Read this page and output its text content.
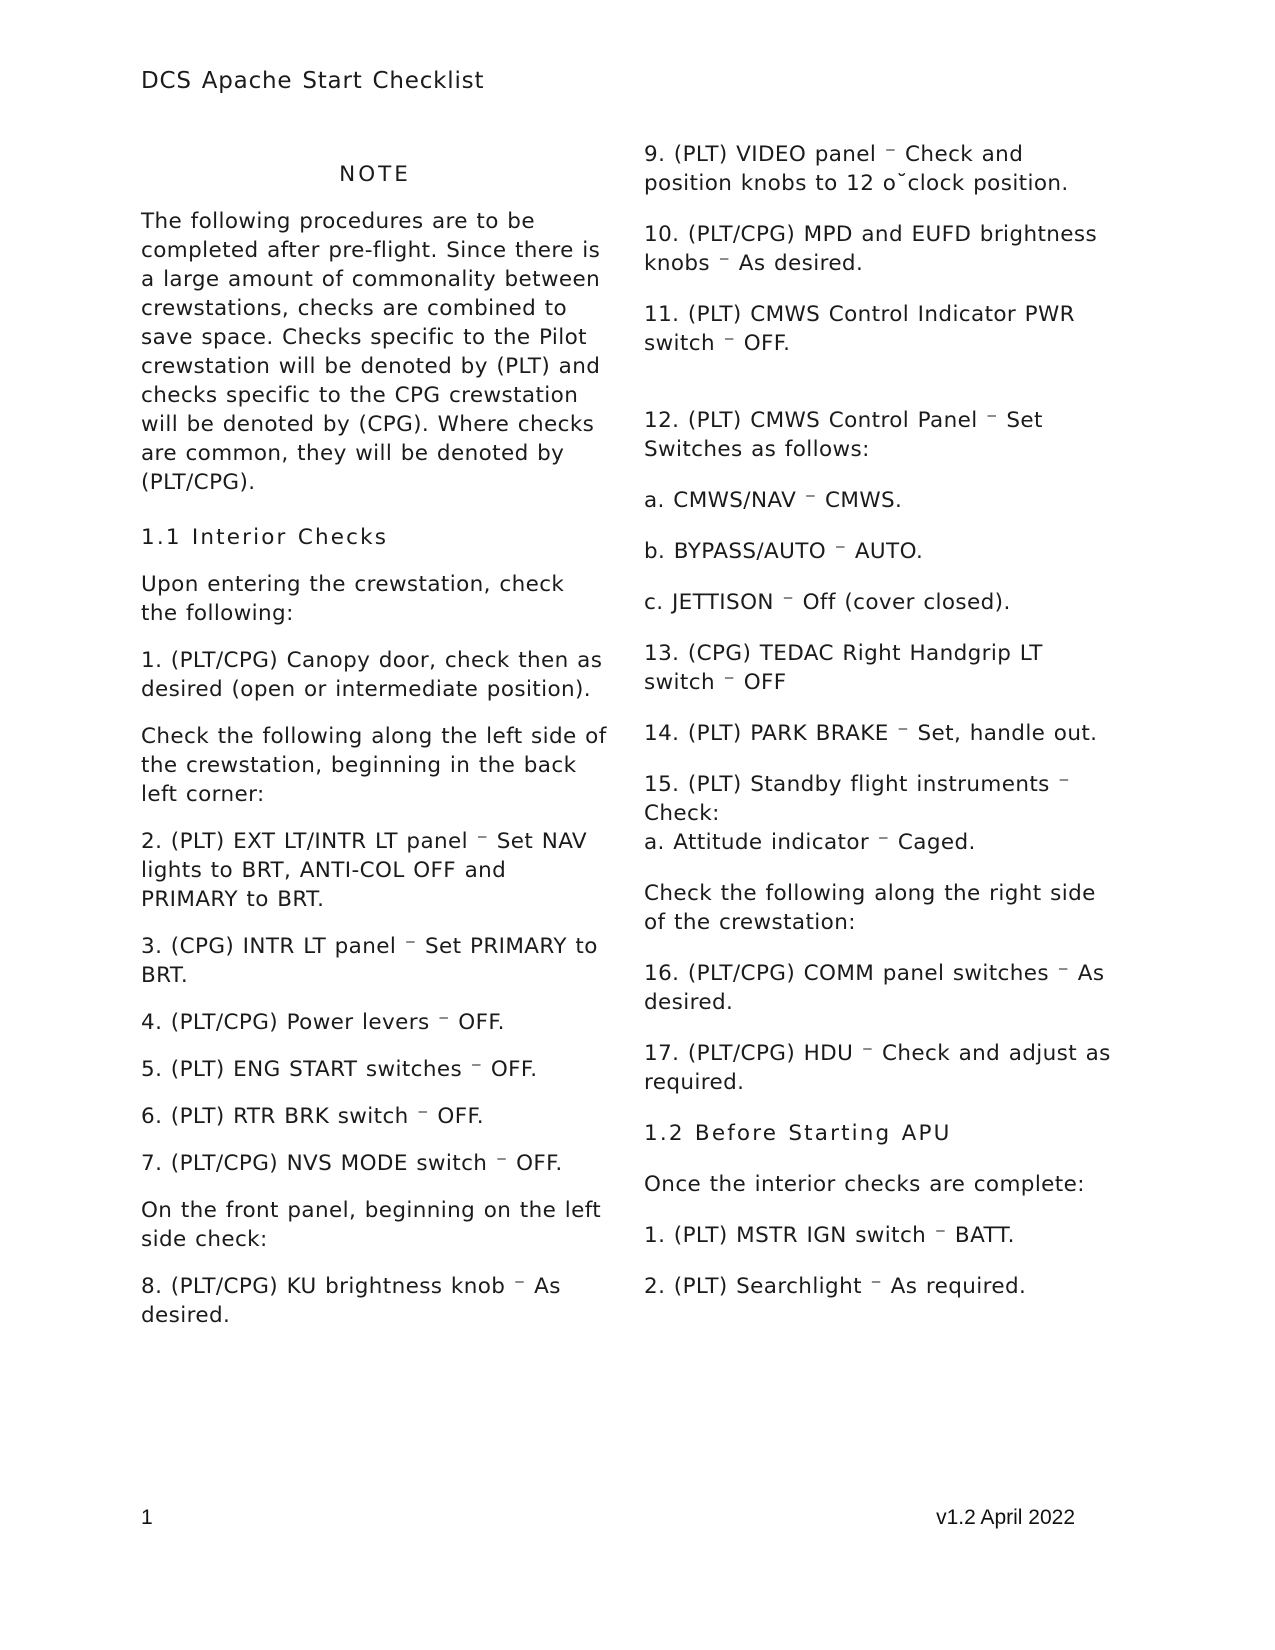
DCS Apache Start Checklist

NOTE

The following procedures are to be completed after pre-flight. Since there is a large amount of commonality between crewstations, checks are combined to save space. Checks specific to the Pilot crewstation will be denoted by (PLT) and checks specific to the CPG crewstation will be denoted by (CPG). Where checks are common, they will be denoted by (PLT/CPG).

1.1 Interior Checks

Upon entering the crewstation, check the following:

1. (PLT/CPG) Canopy door, check then as desired (open or intermediate position).

Check the following along the left side of the crewstation, beginning in the back left corner:

2. (PLT) EXT LT/INTR LT panel ⁻ Set NAV lights to BRT, ANTI-COL OFF and PRIMARY to BRT.

3. (CPG) INTR LT panel ⁻ Set PRIMARY to BRT.

4. (PLT/CPG) Power levers ⁻ OFF.

5. (PLT) ENG START switches ⁻ OFF.

6. (PLT) RTR BRK switch ⁻ OFF.

7. (PLT/CPG) NVS MODE switch ⁻ OFF.

On the front panel, beginning on the left side check:

8. (PLT/CPG) KU brightness knob ⁻ As desired.

9. (PLT) VIDEO panel ⁻ Check and position knobs to 12 o˘clock position.

10. (PLT/CPG) MPD and EUFD brightness knobs ⁻ As desired.

11. (PLT) CMWS Control Indicator PWR switch ⁻ OFF.

12. (PLT) CMWS Control Panel ⁻ Set Switches as follows:

a. CMWS/NAV ⁻ CMWS.

b. BYPASS/AUTO ⁻ AUTO.

c. JETTISON ⁻ Off (cover closed).

13. (CPG) TEDAC Right Handgrip LT switch ⁻ OFF

14. (PLT) PARK BRAKE ⁻ Set, handle out.

15. (PLT) Standby flight instruments ⁻ Check:

a. Attitude indicator ⁻ Caged.

Check the following along the right side of the crewstation:

16. (PLT/CPG) COMM panel switches ⁻ As desired.

17. (PLT/CPG) HDU ⁻ Check and adjust as required.

1.2 Before Starting APU

Once the interior checks are complete:

1. (PLT) MSTR IGN switch ⁻ BATT.

2. (PLT) Searchlight ⁻ As required.

1	v1.2 April 2022
